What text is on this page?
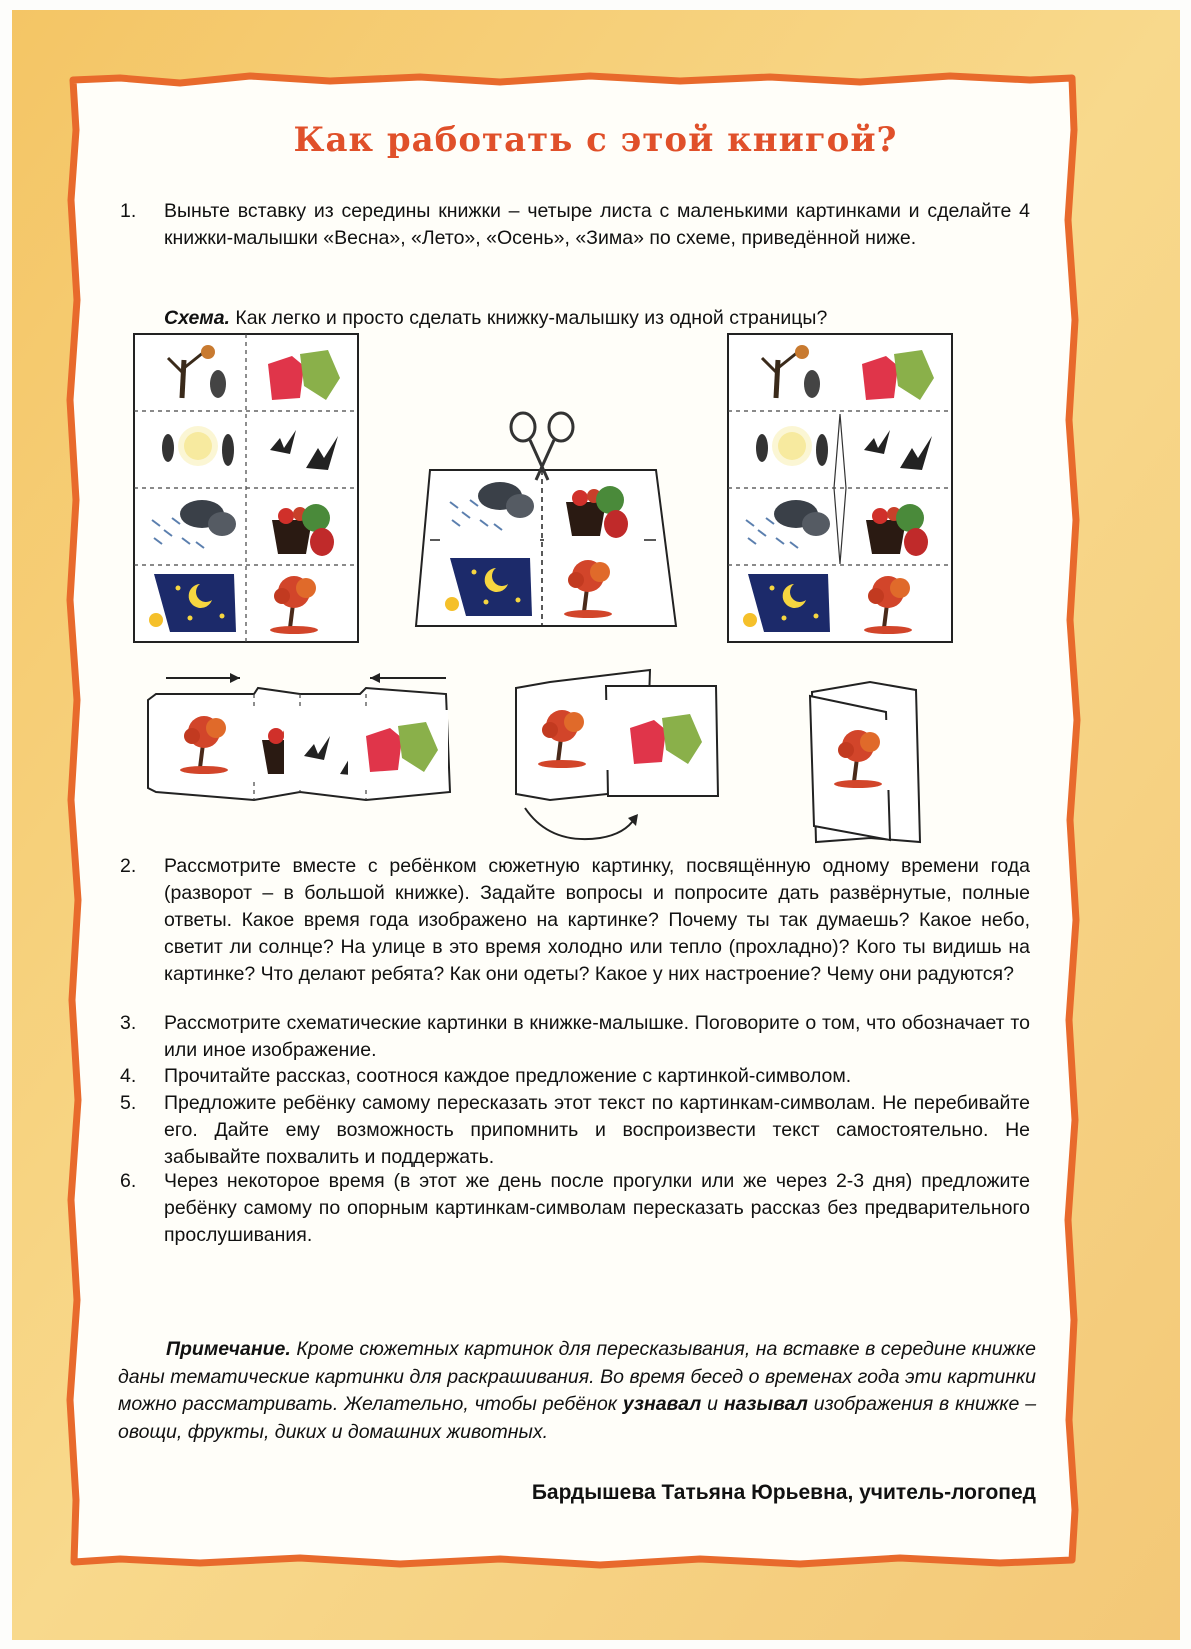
Как работать с этой книгой?
1.	Выньте вставку из середины книжки – четыре листа с маленькими картинками и сделайте 4 книжки-малышки «Весна», «Лето», «Осень», «Зима» по схеме, приведённой ниже.
Схема. Как легко и просто сделать книжку-малышку из одной страницы?
2.	Рассмотрите вместе с ребёнком сюжетную картинку, посвящённую одному времени года (разворот – в большой книжке). Задайте вопросы и попросите дать развёрнутые, полные ответы. Какое время года изображено на картинке? Почему ты так думаешь? Какое небо, светит ли солнце? На улице в это время холодно или тепло (прохладно)? Кого ты видишь на картинке? Что делают ребята? Как они одеты? Какое у них настроение? Чему они радуются?
3.	Рассмотрите схематические картинки в книжке-малышке. Поговорите о том, что обозначает то или иное изображение.
4.	Прочитайте рассказ, соотнося каждое предложение с картинкой-символом.
5.	Предложите ребёнку самому пересказать этот текст по картинкам-символам. Не перебивайте его. Дайте ему возможность припомнить и воспроизвести текст самостоятельно. Не забывайте похвалить и поддержать.
6.	Через некоторое время (в этот же день после прогулки или же через 2-3 дня) предложите ребёнку самому по опорным картинкам-символам пересказать рассказ без предварительного прослушивания.
Примечание. Кроме сюжетных картинок для пересказывания, на вставке в середине книжке даны тематические картинки для раскрашивания. Во время бесед о временах года эти картинки можно рассматривать. Желательно, чтобы ребёнок узнавал и называл изображения в книжке – овощи, фрукты, диких и домашних животных.
Бардышева Татьяна Юрьевна, учитель-логопед
